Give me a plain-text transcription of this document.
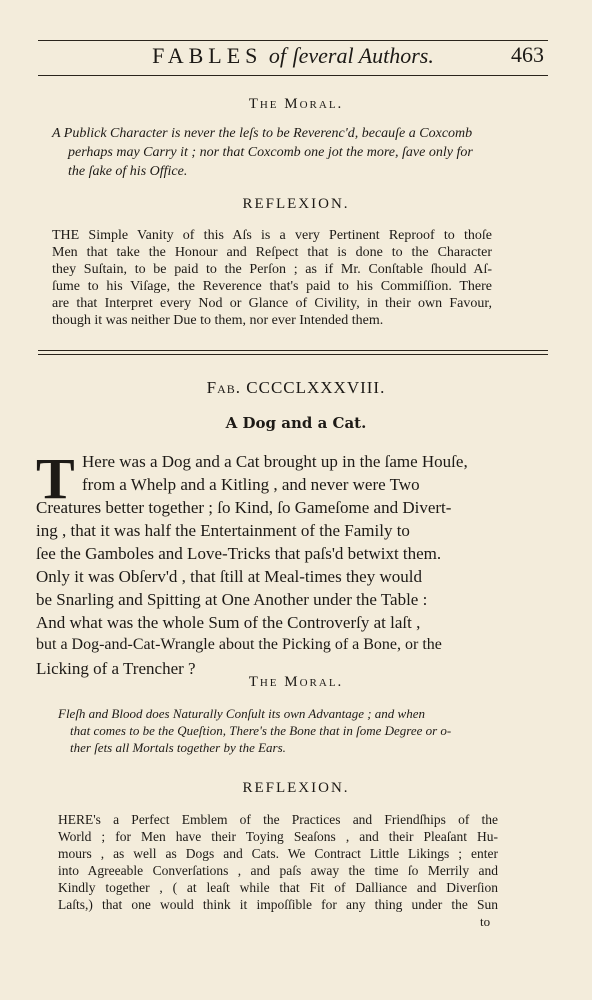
FABLES of ſeveral Authors.	463
The Moral.
A Publick Character is never the leſs to be Reverenc'd, becauſe a Coxcomb
perhaps may Carry it ; nor that Coxcomb one jot the more, ſave only for
the ſake of his Office.
REFLEXION.
THE Simple Vanity of this Aſs is a very Pertinent Reproof to thoſe
Men that take the Honour and Reſpect that is done to the Character
they Suſtain, to be paid to the Perſon ; as if Mr. Conſtable ſhould Aſ-
ſume to his Viſage, the Reverence that's paid to his Commiſſion. There
are that Interpret every Nod or Glance of Civility, in their own Favour,
though it was neither Due to them, nor ever Intended them.
Fab. CCCCLXXXVIII.
A Dog and a Cat.
T Here was a Dog and a Cat brought up in the ſame Houſe,
from a Whelp and a Kitling , and never were Two
Creatures better together ; ſo Kind, ſo Gameſome and Divert-
ing , that it was half the Entertainment of the Family to
ſee the Gamboles and Love-Tricks that paſs'd betwixt them.
Only it was Obſerv'd , that ſtill at Meal-times they would
be Snarling and Spitting at One Another under the Table :
And what was the whole Sum of the Controverſy at laſt ,
but a Dog-and-Cat-Wrangle about the Picking of a Bone, or the
Licking of a Trencher ?
The Moral.
Fleſh and Blood does Naturally Conſult its own Advantage ; and when
that comes to be the Queſtion, There's the Bone that in ſome Degree or o-
ther ſets all Mortals together by the Ears.
REFLEXION.
HERE's a Perfect Emblem of the Practices and Friendſhips of the
World ; for Men have their Toying Seaſons , and their Pleaſant Hu-
mours , as well as Dogs and Cats. We Contract Little Likings ; enter
into Agreeable Converſations , and paſs away the time ſo Merrily and
Kindly together , ( at leaſt while that Fit of Dalliance and Diverſion
Laſts,) that one would think it impoſſible for any thing under the Sun
to
